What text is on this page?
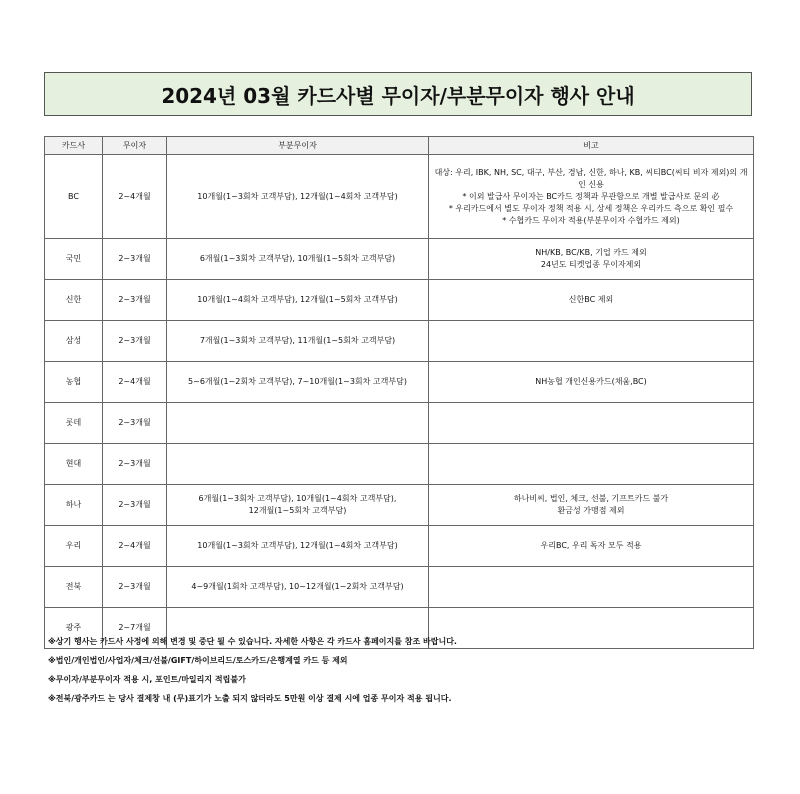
2024년 03월 카드사별 무이자/부분무이자 행사 안내
카드사	무이자	부분무이자	비고
BC	2~4개월	10개월(1~3회차 고객부담), 12개월(1~4회차 고객부담)	대상: 우리, IBK, NH, SC, 대구, 부산, 경남, 신한, 하나, KB, 씨티BC(씨티 비자 제외)의 개인 신용
* 이외 발급사 무이자는 BC카드 정책과 무관함으로 개별 발급사로 문의 必
* 우리카드에서 별도 무이자 정책 적용 시, 상세 정책은 우리카드 측으로 확인 필수
* 수협카드 무이자 적용(부분무이자 수협카드 제외)
국민	2~3개월	6개월(1~3회차 고객부담), 10개월(1~5회차 고객부담)	NH/KB, BC/KB, 기업 카드 제외
24년도 티켓업종 무이자제외
신한	2~3개월	10개월(1~4회차 고객부담), 12개월(1~5회차 고객부담)	신한BC 제외
삼성	2~3개월	7개월(1~3회차 고객부담), 11개월(1~5회차 고객부담)	
농협	2~4개월	5~6개월(1~2회차 고객부담), 7~10개월(1~3회차 고객부담)	NH농협 개인신용카드(채움,BC)
롯데	2~3개월		
현대	2~3개월		
하나	2~3개월	6개월(1~3회차 고객부담), 10개월(1~4회차 고객부담),
12개월(1~5회차 고객부담)	하나비씨, 법인, 체크, 선불, 기프트카드 불가
환금성 가맹점 제외
우리	2~4개월	10개월(1~3회차 고객부담), 12개월(1~4회차 고객부담)	우리BC, 우리 독자 모두 적용
전북	2~3개월	4~9개월(1회차 고객부담), 10~12개월(1~2회차 고객부담)	
광주	2~7개월		
※상기 행사는 카드사 사정에 의해 변경 및 중단 될 수 있습니다. 자세한 사항은 각 카드사 홈페이지를 참조 바랍니다.
※법인/개인법인/사업자/체크/선불/GIFT/하이브리드/토스카드/은행계열 카드 등 제외
※무이자/부분무이자 적용 시, 포인트/마일리지 적립불가
※전북/광주카드 는 당사 결제창 내 (무)표기가 노출 되지 않더라도 5만원 이상 결제 시에 업종 무이자 적용 됩니다.
